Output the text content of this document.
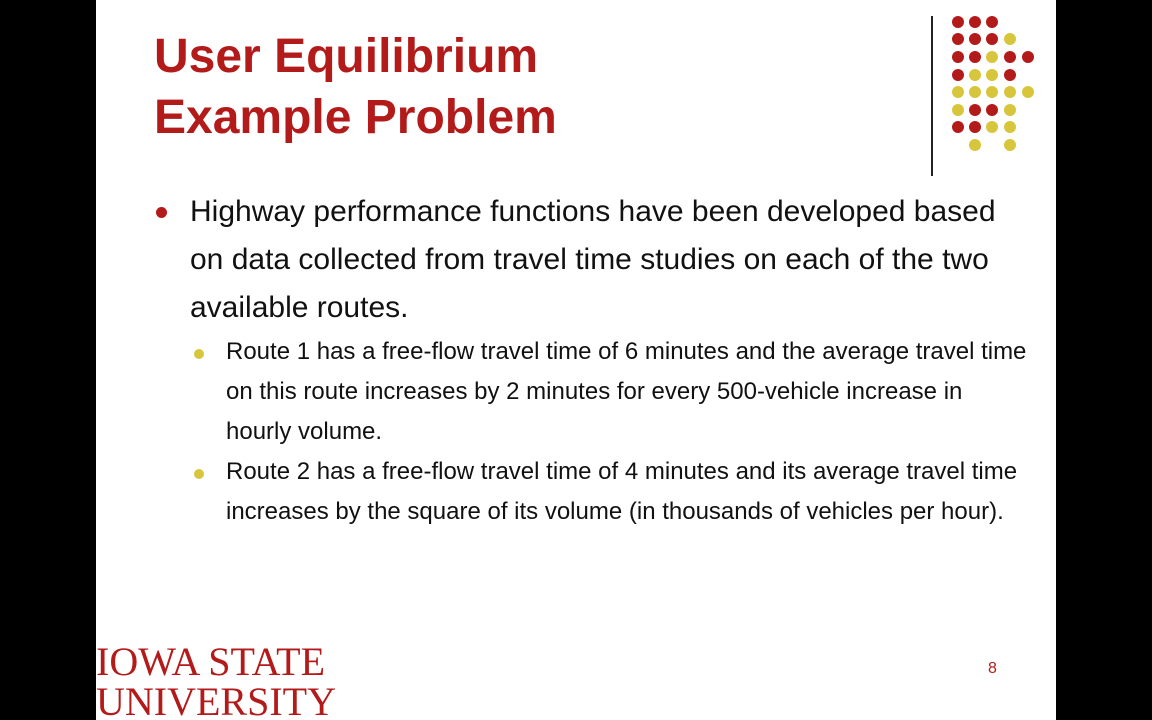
User Equilibrium
Example Problem

Highway performance functions have been developed based on data collected from travel time studies on each of the two available routes.

Route 1 has a free-flow travel time of 6 minutes and the average travel time on this route increases by 2 minutes for every 500-vehicle increase in hourly volume.

Route 2 has a free-flow travel time of 4 minutes and its average travel time increases by the square of its volume (in thousands of vehicles per hour).

IOWA STATE
UNIVERSITY
8
